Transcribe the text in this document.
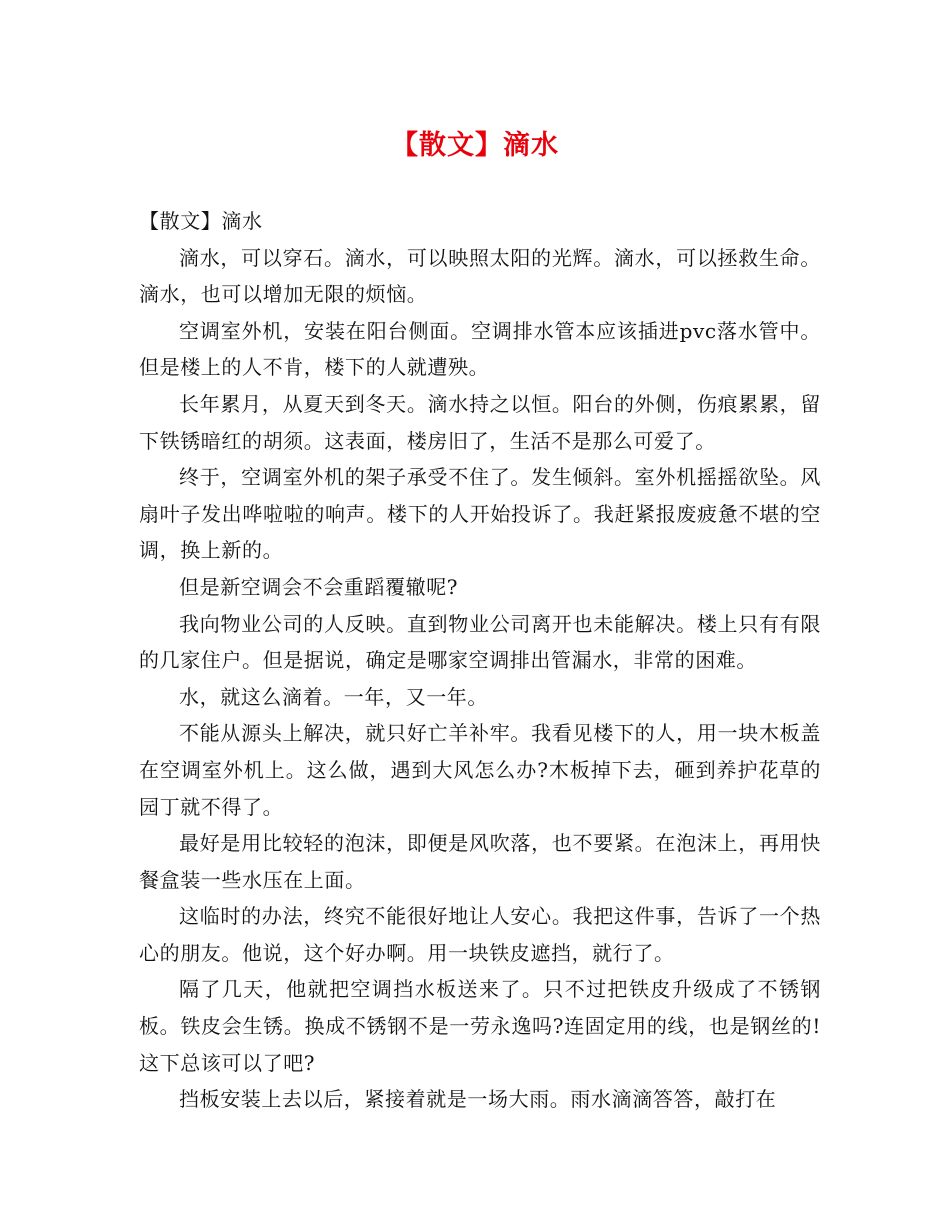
【散文】滴水

【散文】滴水

滴水，可以穿石。滴水，可以映照太阳的光辉。滴水，可以拯救生命。滴水，也可以增加无限的烦恼。

空调室外机，安装在阳台侧面。空调排水管本应该插进pvc落水管中。但是楼上的人不肯，楼下的人就遭殃。

长年累月，从夏天到冬天。滴水持之以恒。阳台的外侧，伤痕累累，留下铁锈暗红的胡须。这表面，楼房旧了，生活不是那么可爱了。

终于，空调室外机的架子承受不住了。发生倾斜。室外机摇摇欲坠。风扇叶子发出哗啦啦的响声。楼下的人开始投诉了。我赶紧报废疲惫不堪的空调，换上新的。

但是新空调会不会重蹈覆辙呢?

我向物业公司的人反映。直到物业公司离开也未能解决。楼上只有有限的几家住户。但是据说，确定是哪家空调排出管漏水，非常的困难。

水，就这么滴着。一年，又一年。

不能从源头上解决，就只好亡羊补牢。我看见楼下的人，用一块木板盖在空调室外机上。这么做，遇到大风怎么办?木板掉下去，砸到养护花草的园丁就不得了。

最好是用比较轻的泡沫，即便是风吹落，也不要紧。在泡沫上，再用快餐盒装一些水压在上面。

这临时的办法，终究不能很好地让人安心。我把这件事，告诉了一个热心的朋友。他说，这个好办啊。用一块铁皮遮挡，就行了。

隔了几天，他就把空调挡水板送来了。只不过把铁皮升级成了不锈钢板。铁皮会生锈。换成不锈钢不是一劳永逸吗?连固定用的线，也是钢丝的!这下总该可以了吧?

挡板安装上去以后，紧接着就是一场大雨。雨水滴滴答答，敲打在
